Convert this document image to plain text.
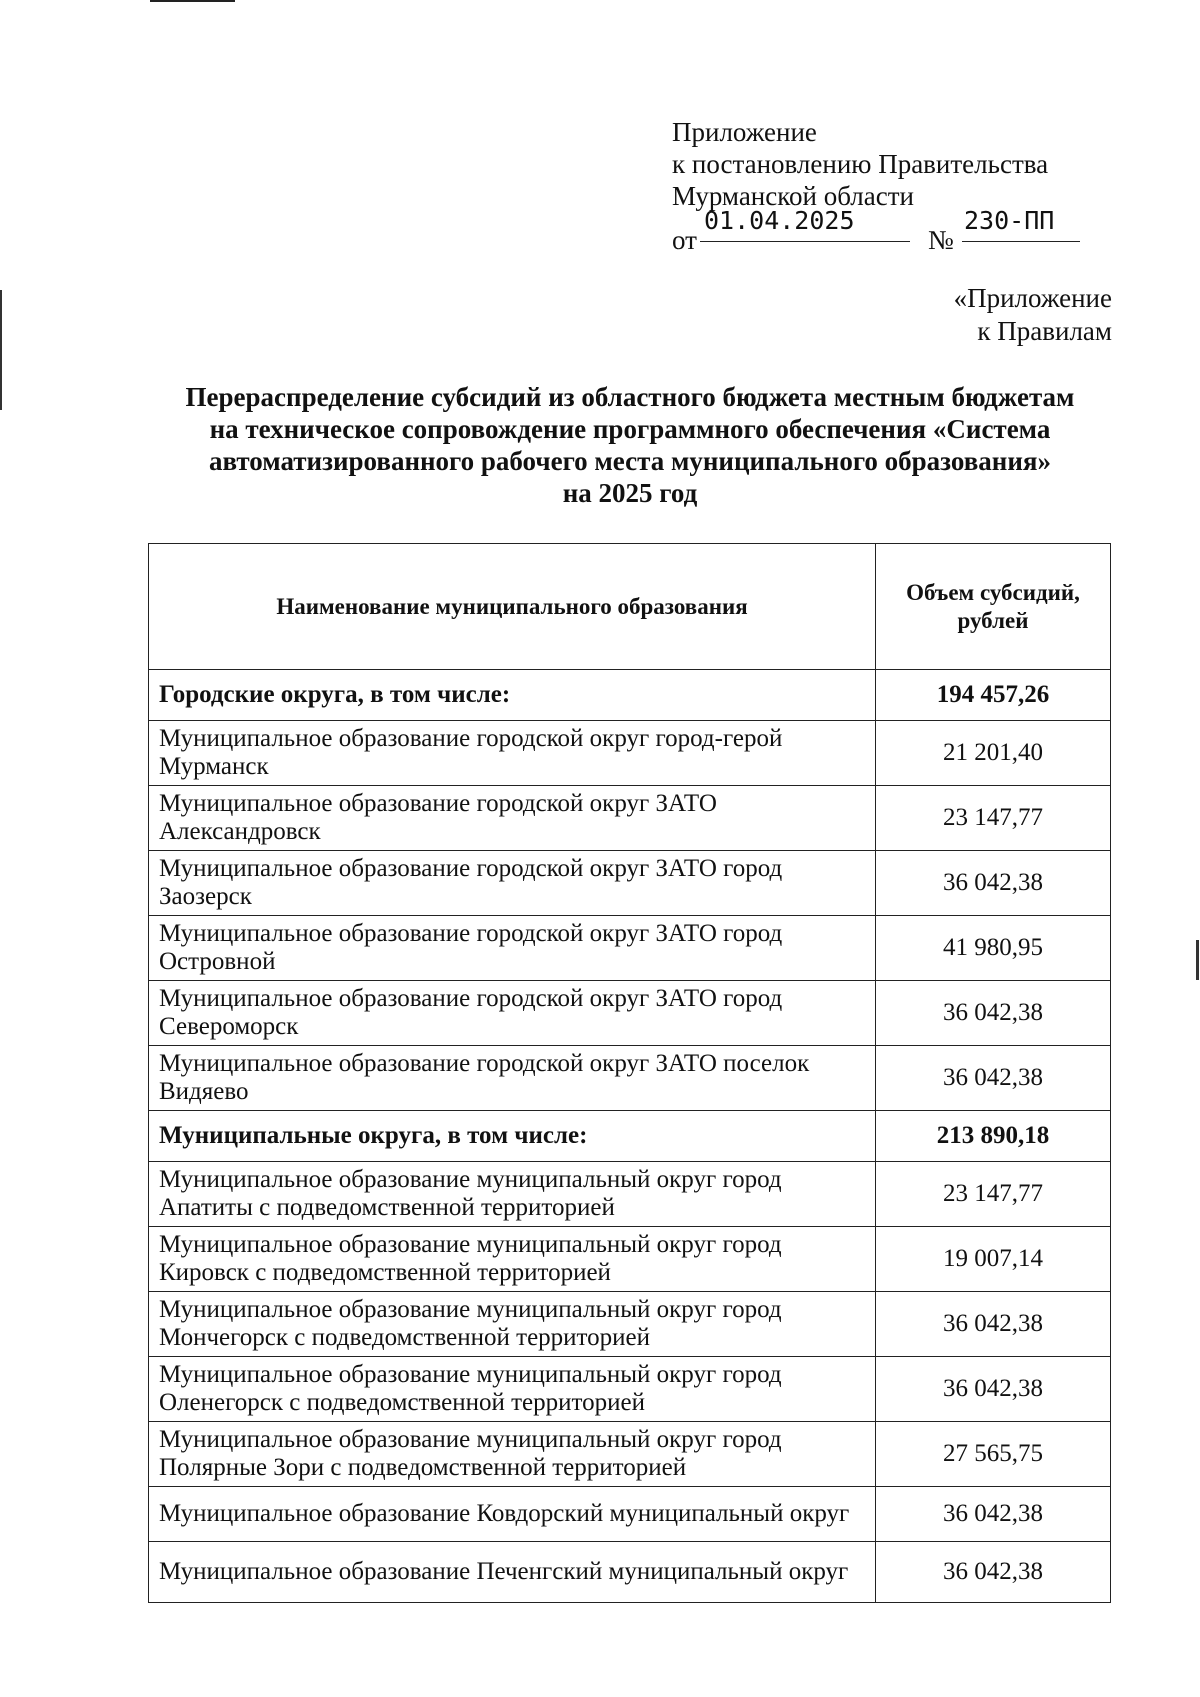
Приложение
к постановлению Правительства
Мурманской области
от
01.04.2025
№
230-ПП
«Приложение
к Правилам
Перераспределение субсидий из областного бюджета местным бюджетам
на техническое сопровождение программного обеспечения «Система
автоматизированного рабочего места муниципального образования»
на 2025 год
Наименование муниципального образования	Объем субсидий,
рублей
Городские округа, в том числе:	194 457,26
Муниципальное образование городской округ город-герой Мурманск	21 201,40
Муниципальное образование городской округ ЗАТО Александровск	23 147,77
Муниципальное образование городской округ ЗАТО город Заозерск	36 042,38
Муниципальное образование городской округ ЗАТО город Островной	41 980,95
Муниципальное образование городской округ ЗАТО город Североморск	36 042,38
Муниципальное образование городской округ ЗАТО поселок Видяево	36 042,38
Муниципальные округа, в том числе:	213 890,18
Муниципальное образование муниципальный округ город Апатиты с подведомственной территорией	23 147,77
Муниципальное образование муниципальный округ город Кировск с подведомственной территорией	19 007,14
Муниципальное образование муниципальный округ город Мончегорск с подведомственной территорией	36 042,38
Муниципальное образование муниципальный округ город Оленегорск с подведомственной территорией	36 042,38
Муниципальное образование муниципальный округ город Полярные Зори с подведомственной территорией	27 565,75
Муниципальное образование Ковдорский муниципальный округ	36 042,38
Муниципальное образование Печенгский муниципальный округ	36 042,38
